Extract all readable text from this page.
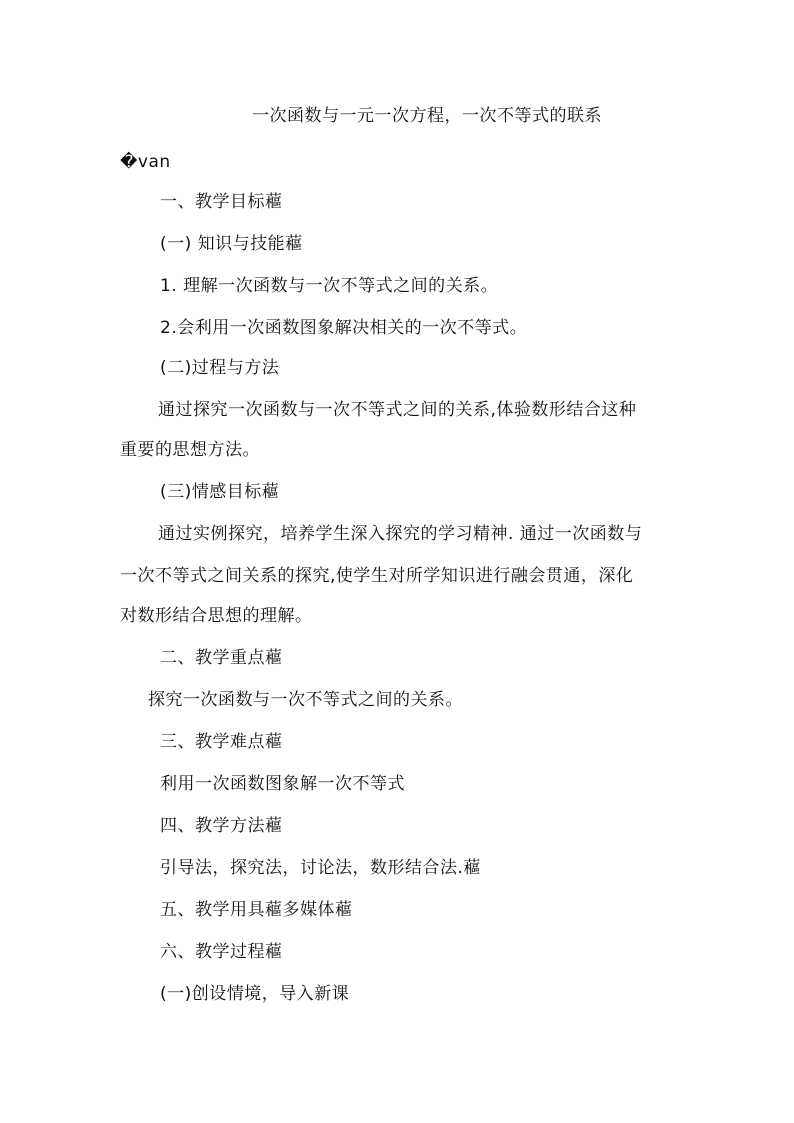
一次函数与一元一次方程，一次不等式的联系
�van
一、教学目标藲
(一) 知识与技能藲
1. 理解一次函数与一次不等式之间的关系。
2.会利用一次函数图象解决相关的一次不等式。
(二)过程与方法
通过探究一次函数与一次不等式之间的关系,体验数形结合这种
重要的思想方法。
(三)情感目标藲
通过实例探究，培养学生深入探究的学习精神. 通过一次函数与
一次不等式之间关系的探究,使学生对所学知识进行融会贯通，深化
对数形结合思想的理解。
二、教学重点藲
探究一次函数与一次不等式之间的关系。
三、教学难点藲
利用一次函数图象解一次不等式
四、教学方法藲
引导法，探究法，讨论法，数形结合法.藲
五、教学用具藲多媒体藲
六、教学过程藲
(一)创设情境，导入新课
